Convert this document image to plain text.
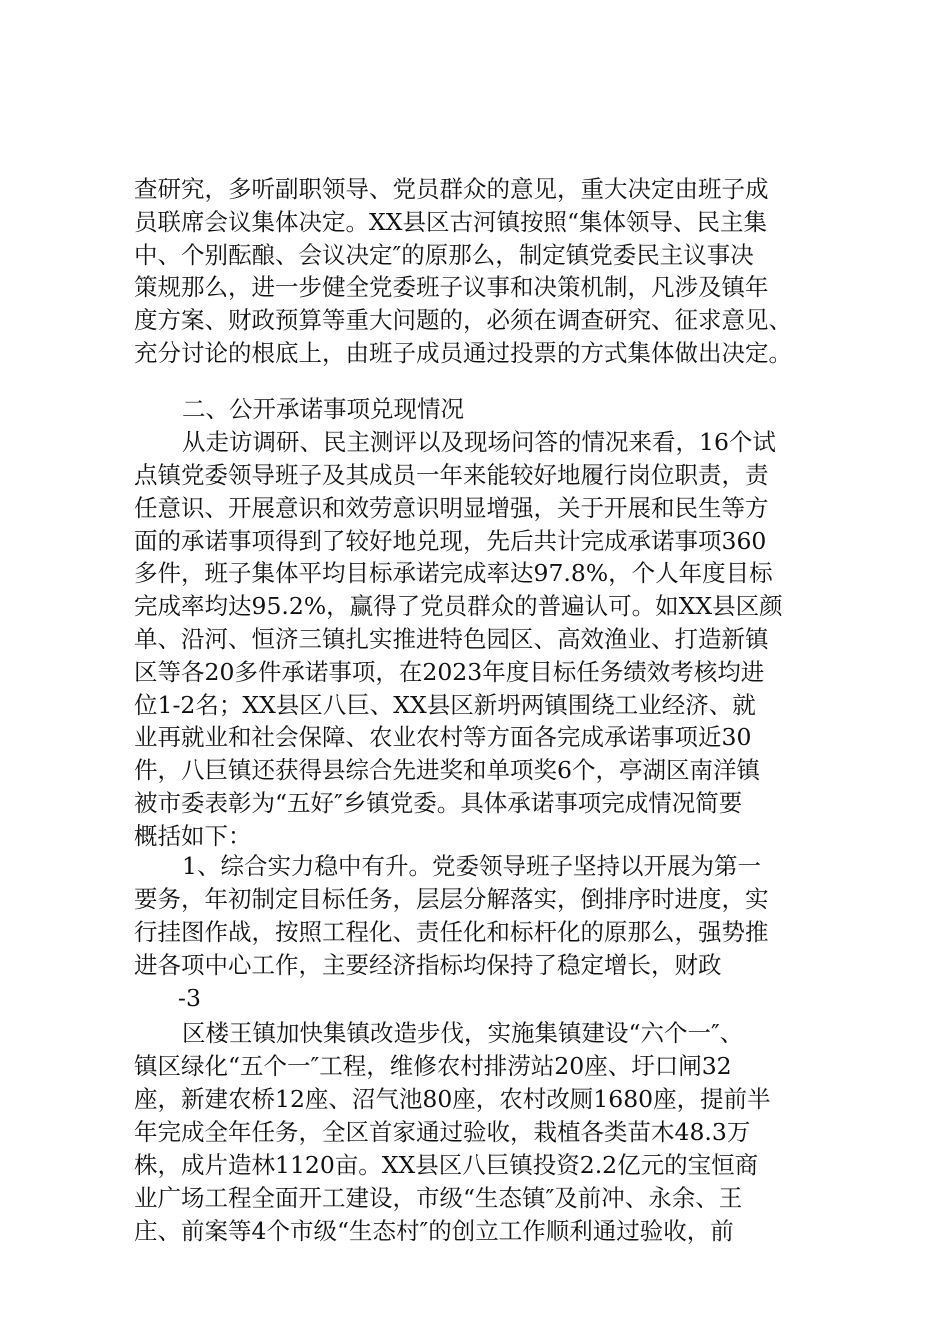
查研究，多听副职领导、党员群众的意见，重大决定由班子成
员联席会议集体决定。XX县区古河镇按照“集体领导、民主集
中、个别酝酿、会议决定″的原那么，制定镇党委民主议事决
策规那么，进一步健全党委班子议事和决策机制，凡涉及镇年
度方案、财政预算等重大问题的，必须在调查研究、征求意见、
充分讨论的根底上，由班子成员通过投票的方式集体做出决定。
二、公开承诺事项兑现情况
从走访调研、民主测评以及现场问答的情况来看，16个试
点镇党委领导班子及其成员一年来能较好地履行岗位职责，责
任意识、开展意识和效劳意识明显增强，关于开展和民生等方
面的承诺事项得到了较好地兑现，先后共计完成承诺事项360
多件，班子集体平均目标承诺完成率达97.8%，个人年度目标
完成率均达95.2%，赢得了党员群众的普遍认可。如XX县区颜
单、沿河、恒济三镇扎实推进特色园区、高效渔业、打造新镇
区等各20多件承诺事项，在2023年度目标任务绩效考核均进
位1-2名；XX县区八巨、XX县区新坍两镇围绕工业经济、就
业再就业和社会保障、农业农村等方面各完成承诺事项近30
件，八巨镇还获得县综合先进奖和单项奖6个，亭湖区南洋镇
被市委表彰为“五好″乡镇党委。具体承诺事项完成情况简要
概括如下：
1、综合实力稳中有升。党委领导班子坚持以开展为第一
要务，年初制定目标任务，层层分解落实，倒排序时进度，实
行挂图作战，按照工程化、责任化和标杆化的原那么，强势推
进各项中心工作，主要经济指标均保持了稳定增长，财政
-3
区楼王镇加快集镇改造步伐，实施集镇建设“六个一″、
镇区绿化“五个一″工程，维修农村排涝站20座、圩口闸32
座，新建农桥12座、沼气池80座，农村改厕1680座，提前半
年完成全年任务，全区首家通过验收，栽植各类苗木48.3万
株，成片造林1120亩。XX县区八巨镇投资2.2亿元的宝恒商
业广场工程全面开工建设，市级“生态镇″及前冲、永余、王
庄、前案等4个市级“生态村″的创立工作顺利通过验收，前
